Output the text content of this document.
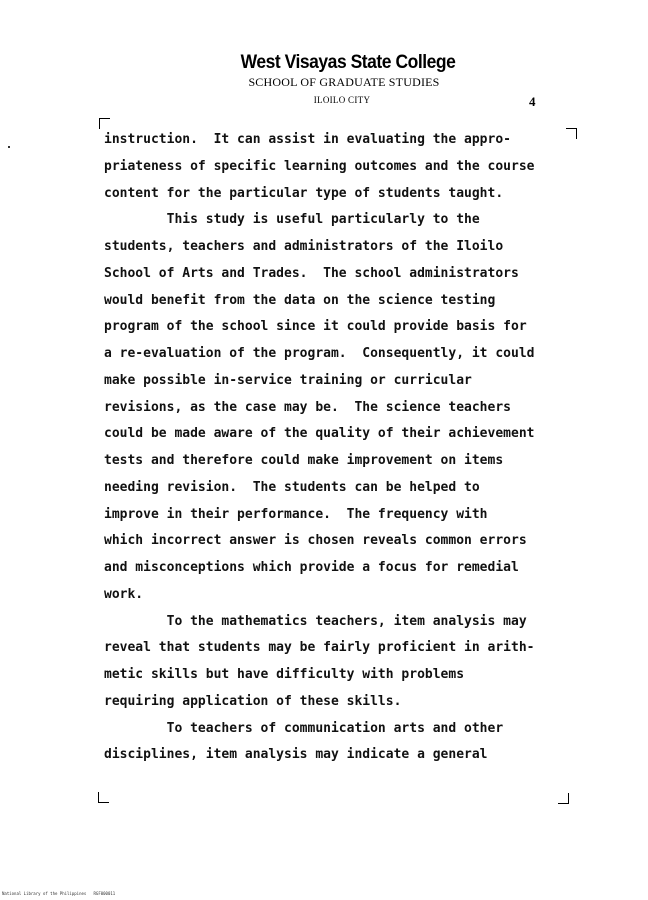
West Visayas State College
SCHOOL OF GRADUATE STUDIES
ILOILO CITY	4
instruction.  It can assist in evaluating the appro-
priateness of specific learning outcomes and the course
content for the particular type of students taught.
This study is useful particularly to the
students, teachers and administrators of the Iloilo
School of Arts and Trades.  The school administrators
would benefit from the data on the science testing
program of the school since it could provide basis for
a re-evaluation of the program.  Consequently, it could
make possible in-service training or curricular
revisions, as the case may be.  The science teachers
could be made aware of the quality of their achievement
tests and therefore could make improvement on items
needing revision.  The students can be helped to
improve in their performance.  The frequency with
which incorrect answer is chosen reveals common errors
and misconceptions which provide a focus for remedial
work.
To the mathematics teachers, item analysis may
reveal that students may be fairly proficient in arith-
metic skills but have difficulty with problems
requiring application of these skills.
To teachers of communication arts and other
disciplines, item analysis may indicate a general
National Library of the Philippines   RGF000011
